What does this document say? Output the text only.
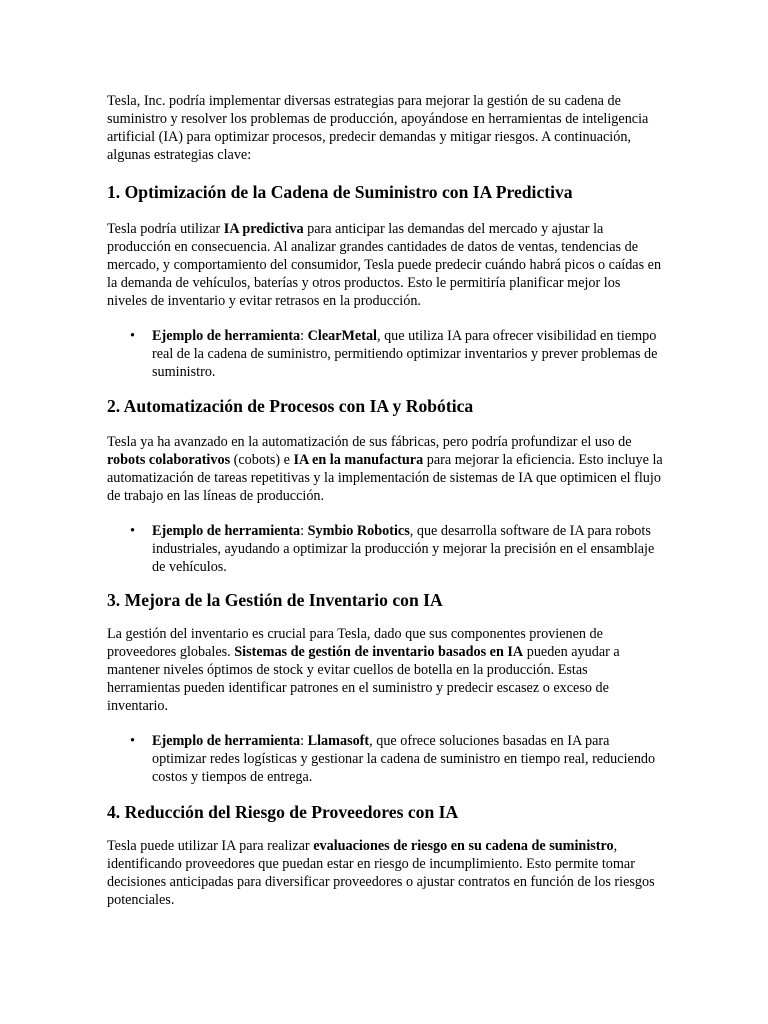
Tesla, Inc. podría implementar diversas estrategias para mejorar la gestión de su cadena de suministro y resolver los problemas de producción, apoyándose en herramientas de inteligencia artificial (IA) para optimizar procesos, predecir demandas y mitigar riesgos. A continuación, algunas estrategias clave:

1. Optimización de la Cadena de Suministro con IA Predictiva

Tesla podría utilizar IA predictiva para anticipar las demandas del mercado y ajustar la producción en consecuencia. Al analizar grandes cantidades de datos de ventas, tendencias de mercado, y comportamiento del consumidor, Tesla puede predecir cuándo habrá picos o caídas en la demanda de vehículos, baterías y otros productos. Esto le permitiría planificar mejor los niveles de inventario y evitar retrasos en la producción.

• Ejemplo de herramienta: ClearMetal, que utiliza IA para ofrecer visibilidad en tiempo real de la cadena de suministro, permitiendo optimizar inventarios y prever problemas de suministro.
2. Automatización de Procesos con IA y Robótica

Tesla ya ha avanzado en la automatización de sus fábricas, pero podría profundizar el uso de robots colaborativos (cobots) e IA en la manufactura para mejorar la eficiencia. Esto incluye la automatización de tareas repetitivas y la implementación de sistemas de IA que optimicen el flujo de trabajo en las líneas de producción.

• Ejemplo de herramienta: Symbio Robotics, que desarrolla software de IA para robots industriales, ayudando a optimizar la producción y mejorar la precisión en el ensamblaje de vehículos.
3. Mejora de la Gestión de Inventario con IA

La gestión del inventario es crucial para Tesla, dado que sus componentes provienen de proveedores globales. Sistemas de gestión de inventario basados en IA pueden ayudar a mantener niveles óptimos de stock y evitar cuellos de botella en la producción. Estas herramientas pueden identificar patrones en el suministro y predecir escasez o exceso de inventario.

• Ejemplo de herramienta: Llamasoft, que ofrece soluciones basadas en IA para optimizar redes logísticas y gestionar la cadena de suministro en tiempo real, reduciendo costos y tiempos de entrega.
4. Reducción del Riesgo de Proveedores con IA

Tesla puede utilizar IA para realizar evaluaciones de riesgo en su cadena de suministro, identificando proveedores que puedan estar en riesgo de incumplimiento. Esto permite tomar decisiones anticipadas para diversificar proveedores o ajustar contratos en función de los riesgos potenciales.
